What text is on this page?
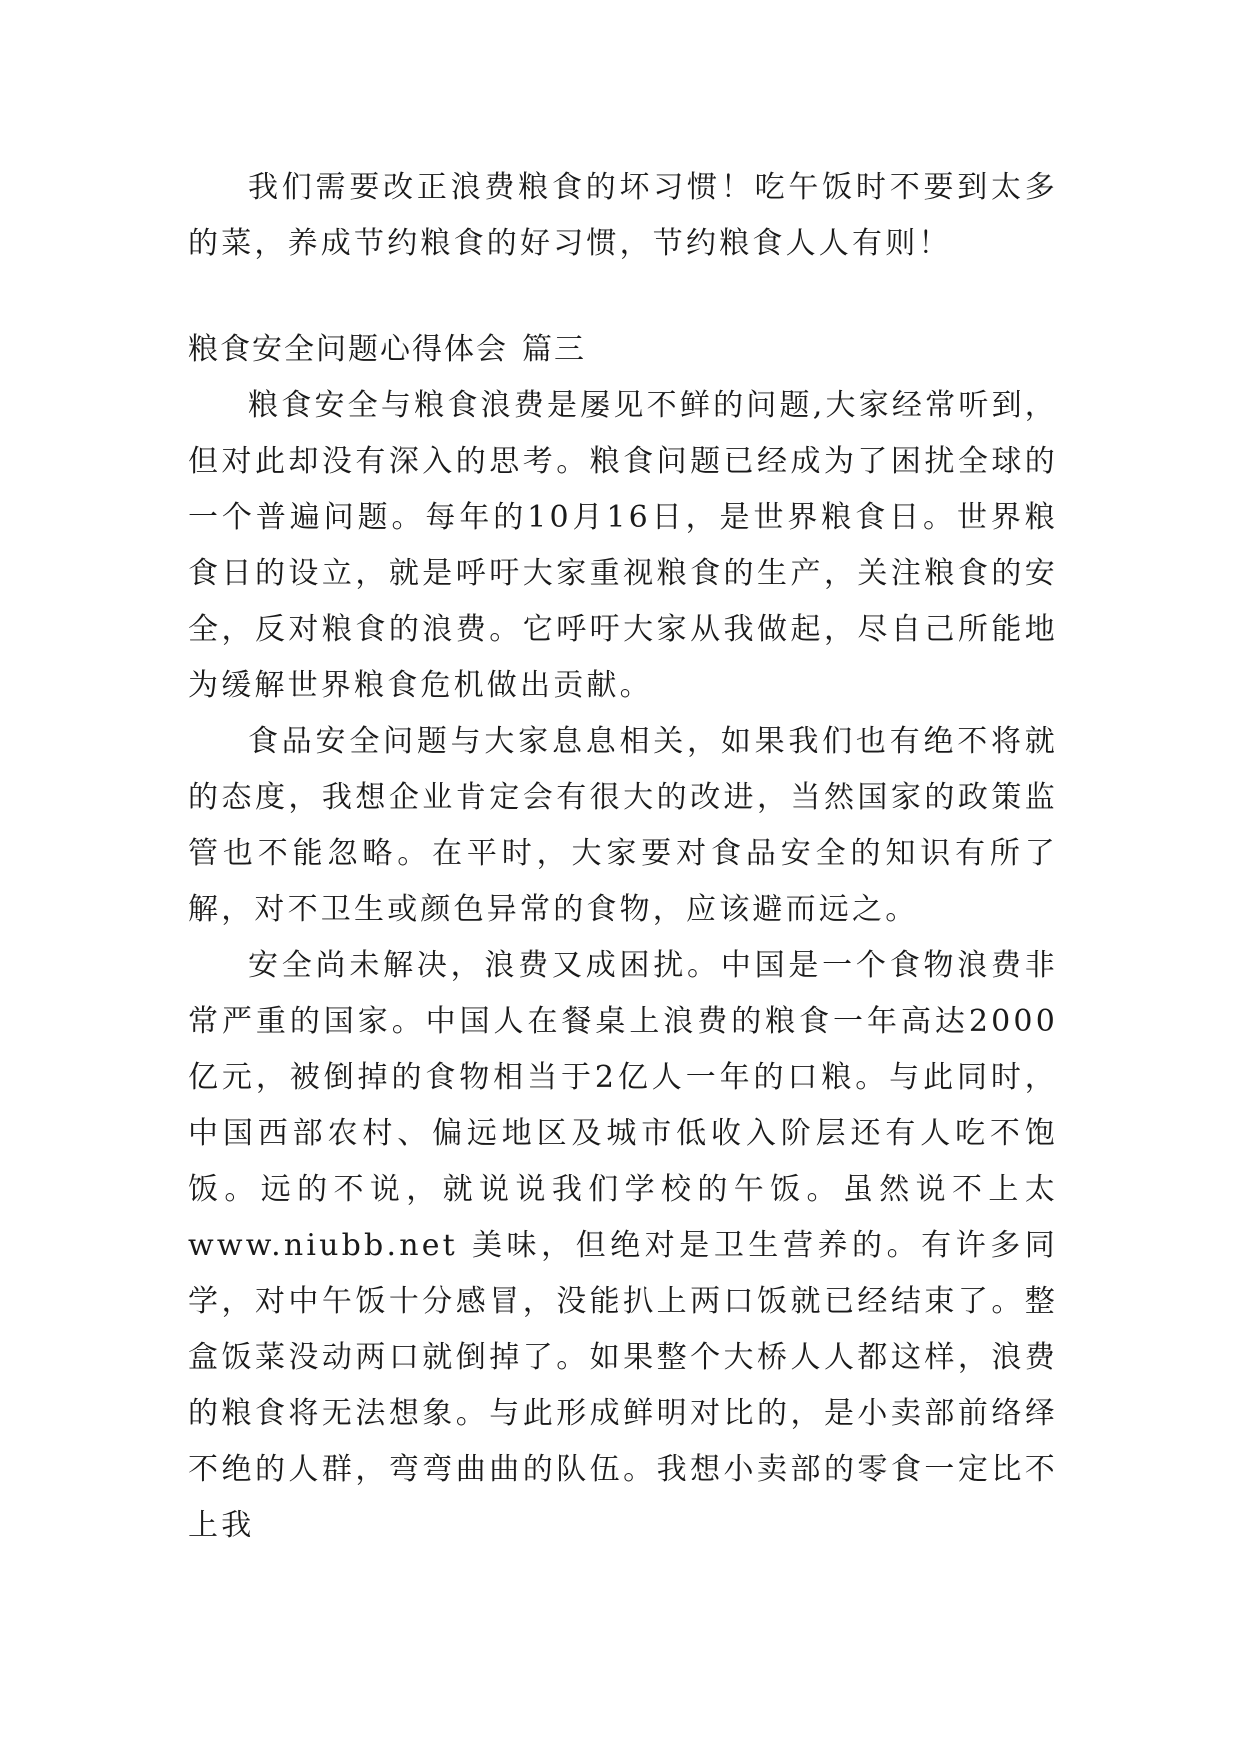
我们需要改正浪费粮食的坏习惯！吃午饭时不要到太多的菜，养成节约粮食的好习惯，节约粮食人人有则！

粮食安全问题心得体会 篇三

粮食安全与粮食浪费是屡见不鲜的问题,大家经常听到，但对此却没有深入的思考。粮食问题已经成为了困扰全球的一个普遍问题。每年的10月16日，是世界粮食日。世界粮食日的设立，就是呼吁大家重视粮食的生产，关注粮食的安全，反对粮食的浪费。它呼吁大家从我做起，尽自己所能地为缓解世界粮食危机做出贡献。

食品安全问题与大家息息相关，如果我们也有绝不将就的态度，我想企业肯定会有很大的改进，当然国家的政策监管也不能忽略。在平时，大家要对食品安全的知识有所了解，对不卫生或颜色异常的食物，应该避而远之。

安全尚未解决，浪费又成困扰。中国是一个食物浪费非常严重的国家。中国人在餐桌上浪费的粮食一年高达2000亿元，被倒掉的食物相当于2亿人一年的口粮。与此同时，中国西部农村、偏远地区及城市低收入阶层还有人吃不饱饭。远的不说，就说说我们学校的午饭。虽然说不上太www.niubb.net 美味，但绝对是卫生营养的。有许多同学，对中午饭十分感冒，没能扒上两口饭就已经结束了。整盒饭菜没动两口就倒掉了。如果整个大桥人人都这样，浪费的粮食将无法想象。与此形成鲜明对比的，是小卖部前络绎不绝的人群，弯弯曲曲的队伍。我想小卖部的零食一定比不上我
